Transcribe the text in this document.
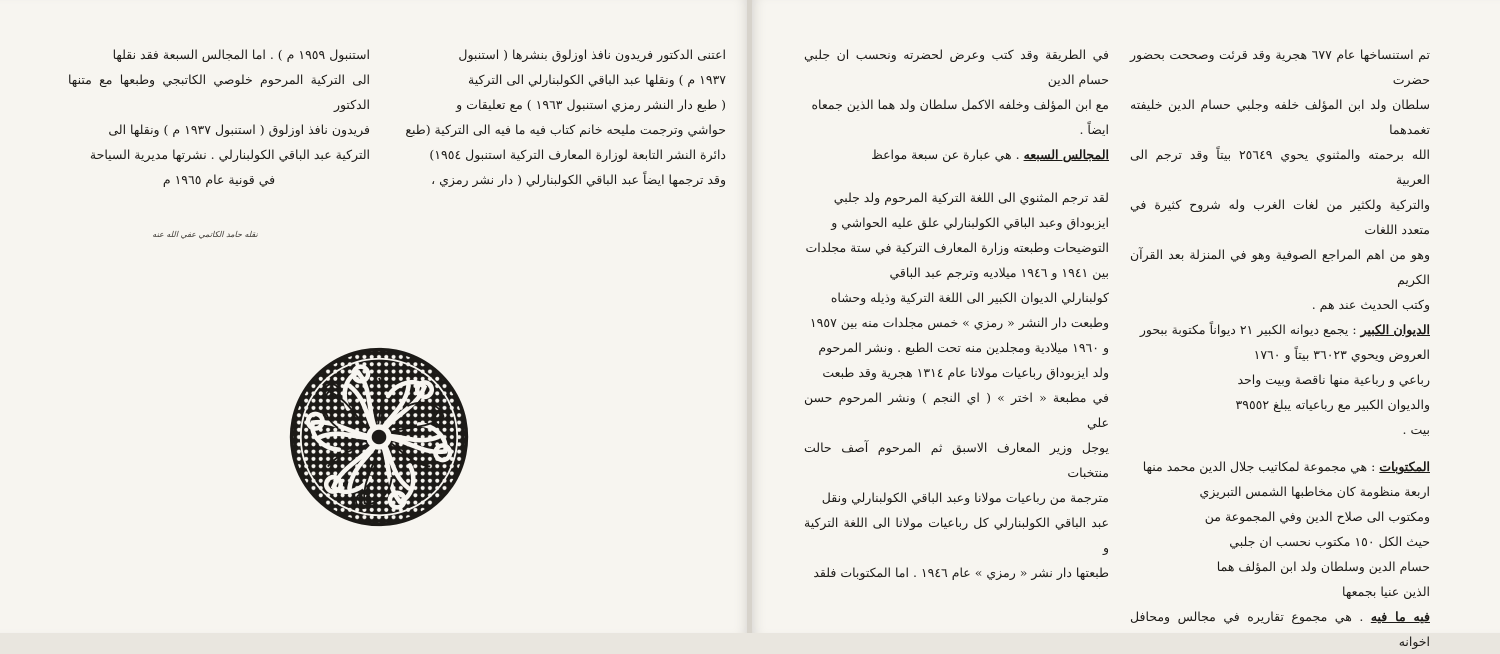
اعتنى الدكتور فريدون نافذ اوزلوق بنشرها ( استنبول

١٩٣٧ م ) ونقلها عبد الباقي الكولبنارلي الى التركية

( طبع دار النشر رمزي استنبول ١٩٦٣ ) مع تعليقات و

حواشي وترجمت مليحه خانم كتاب فيه ما فيه الى التركية (طبع

دائرة النشر التابعة لوزارة المعارف التركية استنبول ١٩٥٤)

وقد ترجمها ايضاً عبد الباقي الكولبنارلي ( دار نشر رمزي ،

استنبول ١٩٥٩ م ) . اما المجالس السبعة فقد نقلها

الى التركية المرحوم خلوصي الكاتبجي وطبعها مع متنها الدكتور

فريدون نافذ اوزلوق ( استنبول ١٩٣٧ م ) ونقلها الى

التركية عبد الباقي الكولبنارلي . نشرتها مديرية السياحة

في قونية عام ١٩٦٥ م

نقله حامد الكاتمي عفي الله عنه

في الطريقة وقد كتب وعرض لحضرته ونحسب ان جلبي حسام الدين

مع ابن المؤلف وخلفه الاكمل سلطان ولد هما الذين جمعاه

ايضاً .

المجالس السبعه . هي عبارة عن سبعة مواعظ

لقد ترجم المثنوي الى اللغة التركية المرحوم ولد جلبي

ايزبوداق وعبد الباقي الكولبنارلي علق عليه الحواشي و

التوضيحات وطبعته وزارة المعارف التركية في ستة مجلدات

بين ١٩٤١ و ١٩٤٦ ميلاديه وترجم عبد الباقي

كولبنارلي الديوان الكبير الى اللغة التركية وذيله وحشاه

وطبعت دار النشر « رمزي » خمس مجلدات منه بين ١٩٥٧

و ١٩٦٠ ميلادية ومجلدين منه تحت الطبع . ونشر المرحوم

ولد ايزبوداق رباعيات مولانا عام ١٣١٤ هجرية وقد طبعت

في مطبعة « اختر » ( اي النجم ) ونشر المرحوم حسن علي

يوجل وزير المعارف الاسبق ثم المرحوم آصف حالت منتخبات

مترجمة من رباعيات مولانا وعبد الباقي الكولبنارلي ونقل

عبد الباقي الكولبنارلي كل رباعيات مولانا الى اللغة التركية و

طبعتها دار نشر « رمزي » عام ١٩٤٦ . اما المكتوبات فلقد

تم استنساخها عام ٦٧٧ هجرية وقد قرئت وصححت بحضور حضرت

سلطان ولد ابن المؤلف خلفه وجلبي حسام الدين خليفته تغمدهما

الله برحمته والمثنوي يحوي ٢٥٦٤٩ بيتاً وقد ترجم الى العربية

والتركية ولكثير من لغات الغرب وله شروح كثيرة في متعدد اللغات

وهو من اهم المراجع الصوفية وهو في المنزلة بعد القرآن الكريم

وكتب الحديث عند هم .

الديوان الكبير : يجمع ديوانه الكبير ٢١ ديواناً مكتوبة ببحور

العروض ويحوي ٣٦٠٢٣ بيتاً و ١٧٦٠

رباعي و رباعية منها ناقصة وبيت واحد

والديوان الكبير مع رباعياته يبلغ ٣٩٥٥٢

بيت .

المكتوبات : هي مجموعة لمكاتيب جلال الدين محمد منها

اربعة منظومة كان مخاطبها الشمس التبريزي

ومكتوب الى صلاح الدين وفي المجموعة من

حيث الكل ١٥٠ مكتوب نحسب ان جلبي

حسام الدين وسلطان ولد ابن المؤلف هما

الذين عنيا بجمعها

فيه ما فيه . هي مجموع تقاريره في مجالس ومحافل اخوانه
